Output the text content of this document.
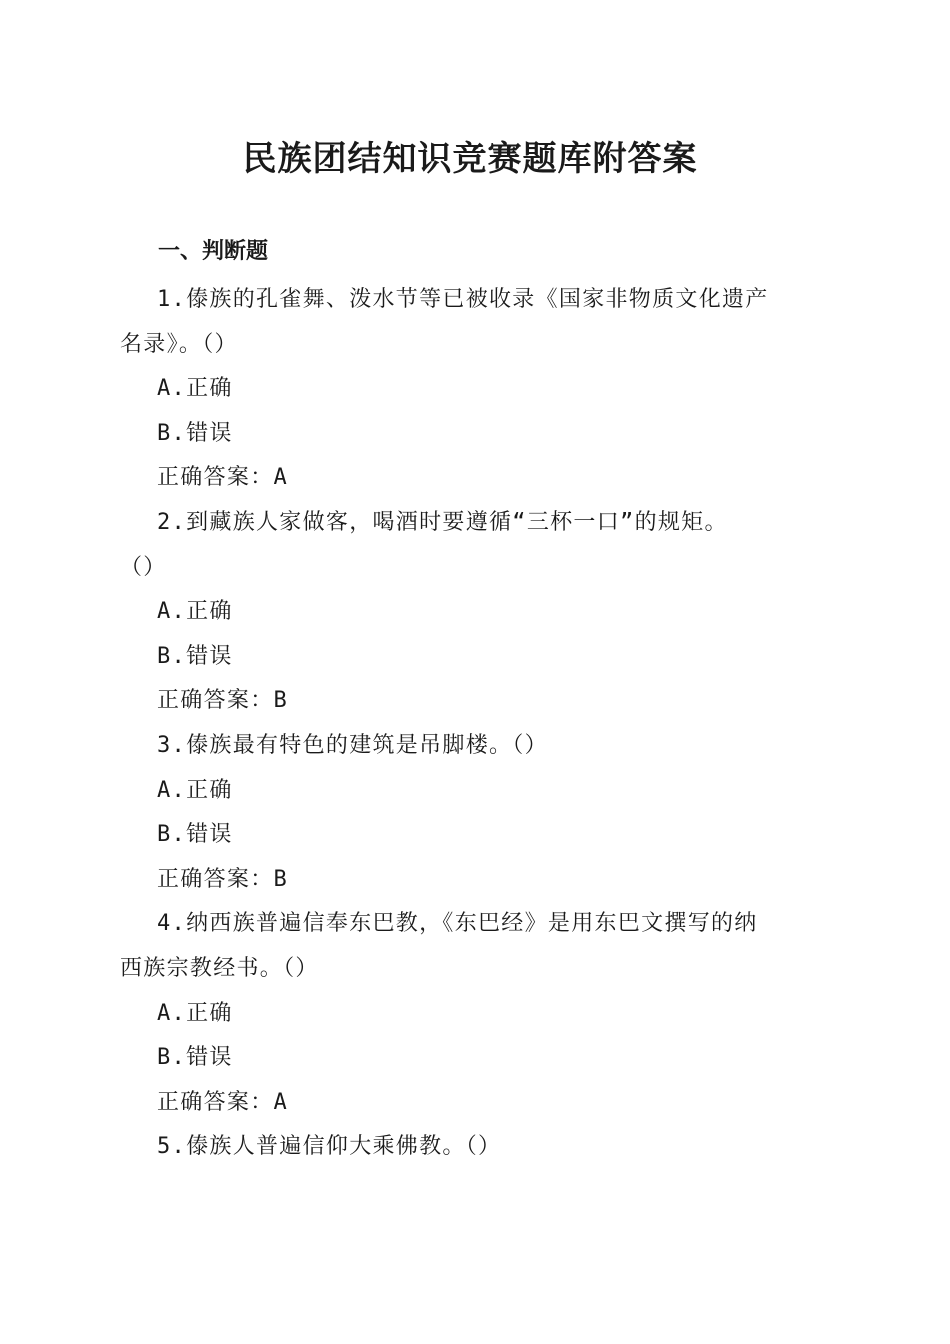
民族团结知识竞赛题库附答案
一、判断题
1.傣族的孔雀舞、泼水节等已被收录《国家非物质文化遗产
名录》。（）
A.正确
B.错误
正确答案：A
2.到藏族人家做客，喝酒时要遵循“三杯一口”的规矩。
（）
A.正确
B.错误
正确答案：B
3.傣族最有特色的建筑是吊脚楼。（）
A.正确
B.错误
正确答案：B
4.纳西族普遍信奉东巴教，《东巴经》是用东巴文撰写的纳
西族宗教经书。（）
A.正确
B.错误
正确答案：A
5.傣族人普遍信仰大乘佛教。（）
